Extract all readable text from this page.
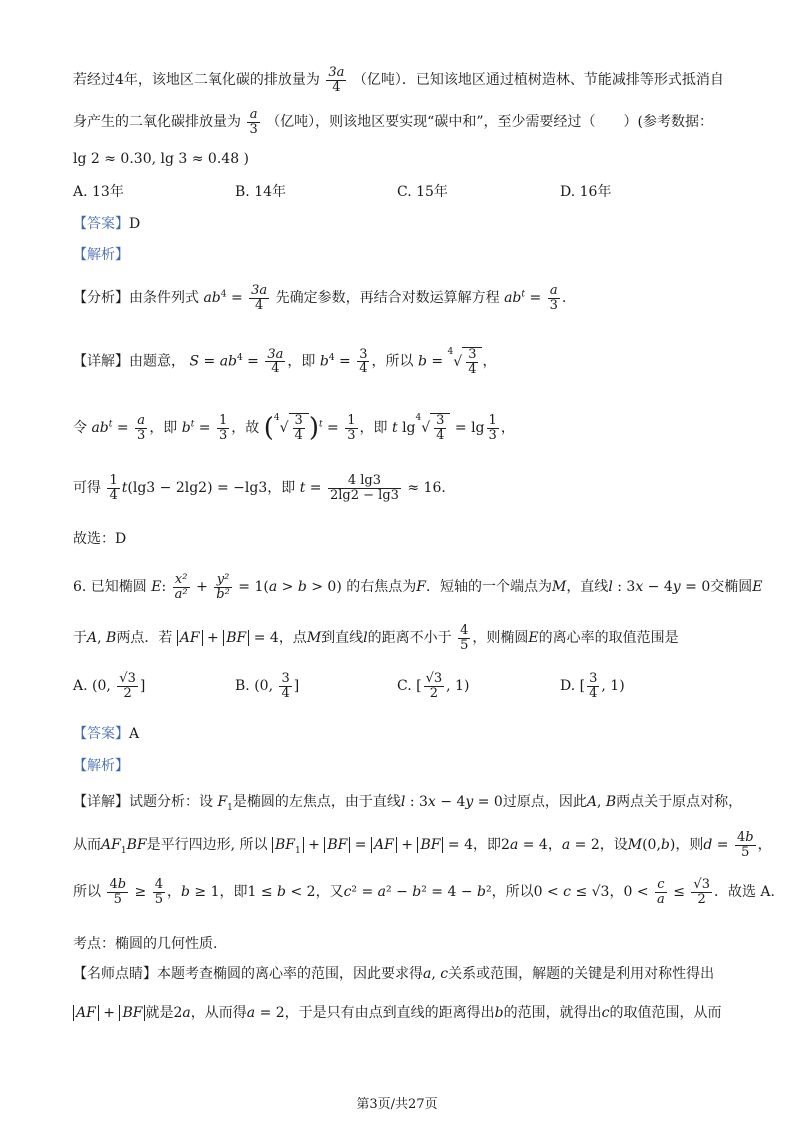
若经过4年，该地区二氧化碳的排放量为 $\frac{3a}{4}$ （亿吨）．已知该地区通过植树造林、节能减排等形式抵消自
身产生的二氧化碳排放量为 $\frac{a}{3}$ （亿吨），则该地区要实现“碳中和”，至少需要经过（　　）(参考数据：
lg 2 ≈ 0.30, lg 3 ≈ 0.48 )
A. 13年	B. 14年	C. 15年	D. 16年
【答案】D
【解析】
【分析】由条件列式 $ab^4 = \frac{3a}{4}$ 先确定参数，再结合对数运算解方程 $ab^t = \frac{a}{3}$ ．
【详解】由题意， $S = ab^4 = \frac{3a}{4}$ ，即 $b^4 = \frac{3}{4}$ ，所以 $b = ^4√ \frac{3}{4}$ ，
令 $ab^t = \frac{a}{3}$ ，即 $b^t = \frac{1}{3}$ ，故 $(^4√ \frac{3}{4} )^t = \frac{1}{3}$ ，即 t $\lg^4√ \frac{3}{4} = \lg \frac{1}{3}$ ，
可得 $\frac{1}{4} t(\lg 3 - 2\lg 2) = -\lg 3$，即 $t = \frac{4 \lg 3}{2\lg 2 - \lg 3} \approx 16$．
故选：D
6. 已知椭圆 E: $\frac{\text{x²}}{\text{a²}} + \frac{\text{y²}}{\text{b²}} = 1(a > b > 0)$ 的右焦点为F．短轴的一个端点为M，直线l : 3x − 4y = 0交椭圆E
于A, B两点．若 AF + BF = 4，点M到直线l的距离不小于 $\frac{4}{5}$ ，则椭圆E的离心率的取值范围是
A. (0, $\frac{√3}{2}$ ]	B. (0, $\frac{3}{4}$ ]	C. [ $\frac{√3}{2}$ , 1)	D. [ $\frac{3}{4}$ , 1)
【答案】A
【解析】
【详解】试题分析：设 $F_1$是椭圆的左焦点，由于直线l : 3x − 4y = 0过原点，因此A, B两点关于原点对称，
从而$AF_1BF$是平行四边形, 所以 $BF_1$ + BF = AF + BF = 4，即2a = 4，a = 2，设M(0,b)，则$d = \frac{4b}{5}$ ，
所以 $\frac{4b}{5} \ge \frac{4}{5}$ ，b ≥ 1，即1 ≤ b < 2，又c² = a² − b² = 4 − b²，所以0 < c ≤ √3，$0 < \frac{c}{a} \le \frac{√3}{2}$ ．故选 A.
考点：椭圆的几何性质.
【名师点睛】本题考查椭圆的离心率的范围，因此要求得a, c关系或范围，解题的关键是利用对称性得出
AF + BF 就是2a，从而得a = 2，于是只有由点到直线的距离得出b的范围，就得出c的取值范围，从而
第3页/共27页
